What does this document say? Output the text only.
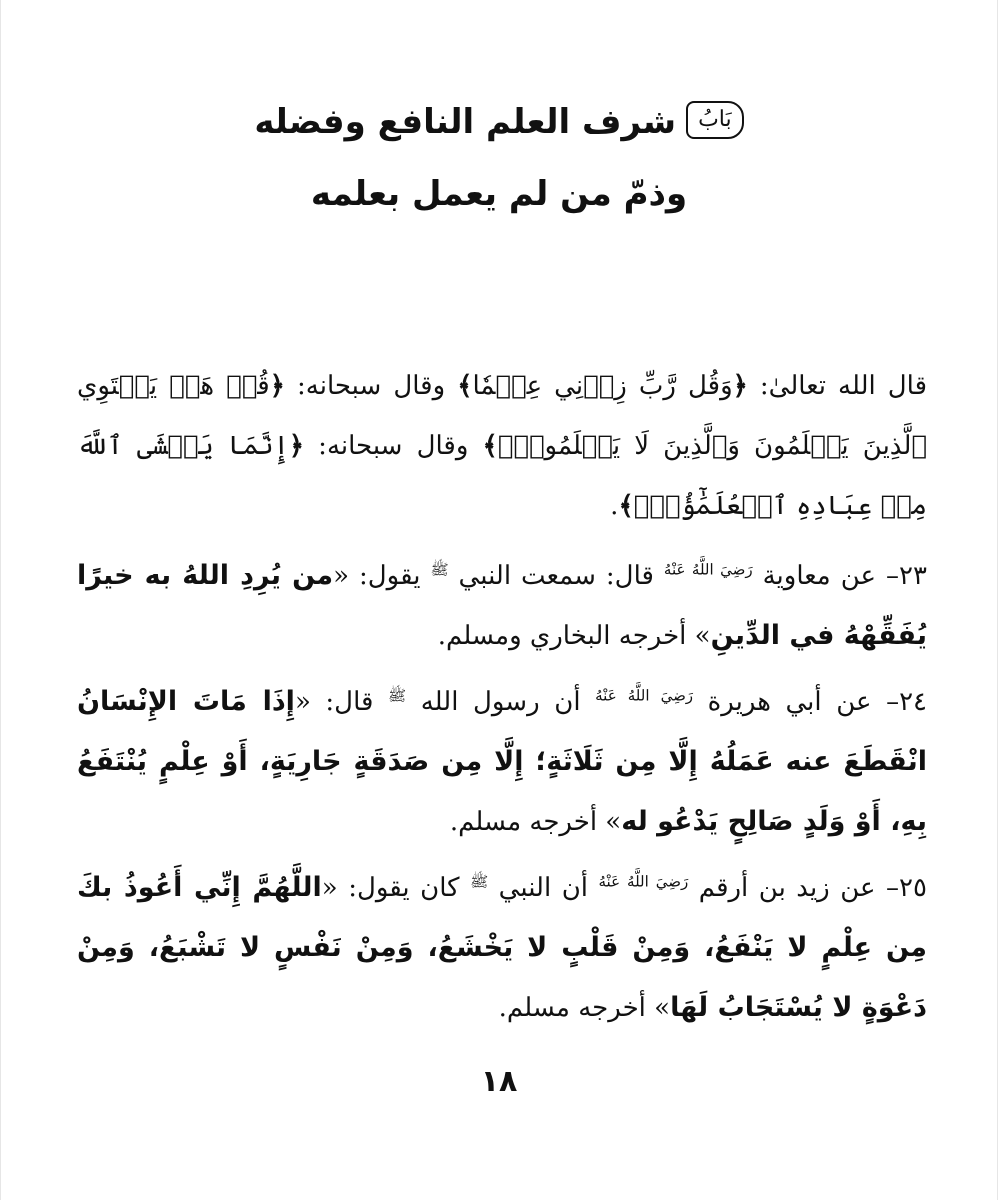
بَابُشرف العلم النافع وفضله
وذمّ من لم يعمل بعلمه

قال الله تعالىٰ: ﴿وَقُل رَّبِّ زِدۡنِي عِلۡمٗا﴾ وقال سبحانه: ﴿قُلۡ هَلۡ يَسۡتَوِي ٱلَّذِينَ يَعۡلَمُونَ وَٱلَّذِينَ لَا يَعۡلَمُونَۗ﴾ وقال سبحانه: ﴿إِنَّمَا يَخۡشَى ٱللَّهَ مِنۡ عِبَادِهِ ٱلۡعُلَمَٰٓؤُاْۗ﴾.

٢٣– عن معاوية $^{رَضِيَ اللَّهُ عَنْهُ}$ قال: سمعت النبي $^ﷺ$ يقول: «من يُرِدِ اللهُ به خيرًا يُفَقِّهْهُ في الدِّينِ» أخرجه البخاري ومسلم.

٢٤– عن أبي هريرة $^{رَضِيَ اللَّهُ عَنْهُ}$ أن رسول الله $^ﷺ$ قال: «إِذَا مَاتَ الإِنْسَانُ انْقَطَعَ عنه عَمَلُهُ إِلَّا مِن ثَلَاثَةٍ؛ إِلَّا مِن صَدَقَةٍ جَارِيَةٍ، أَوْ عِلْمٍ يُنْتَفَعُ بِهِ، أَوْ وَلَدٍ صَالِحٍ يَدْعُو له» أخرجه مسلم.

٢٥– عن زيد بن أرقم $^{رَضِيَ اللَّهُ عَنْهُ}$ أن النبي $^ﷺ$ كان يقول: «اللَّهُمَّ إِنِّي أَعُوذُ بكَ مِن عِلْمٍ لا يَنْفَعُ، وَمِنْ قَلْبٍ لا يَخْشَعُ، وَمِنْ نَفْسٍ لا تَشْبَعُ، وَمِنْ دَعْوَةٍ لا يُسْتَجَابُ لَهَا» أخرجه مسلم.

١٨
